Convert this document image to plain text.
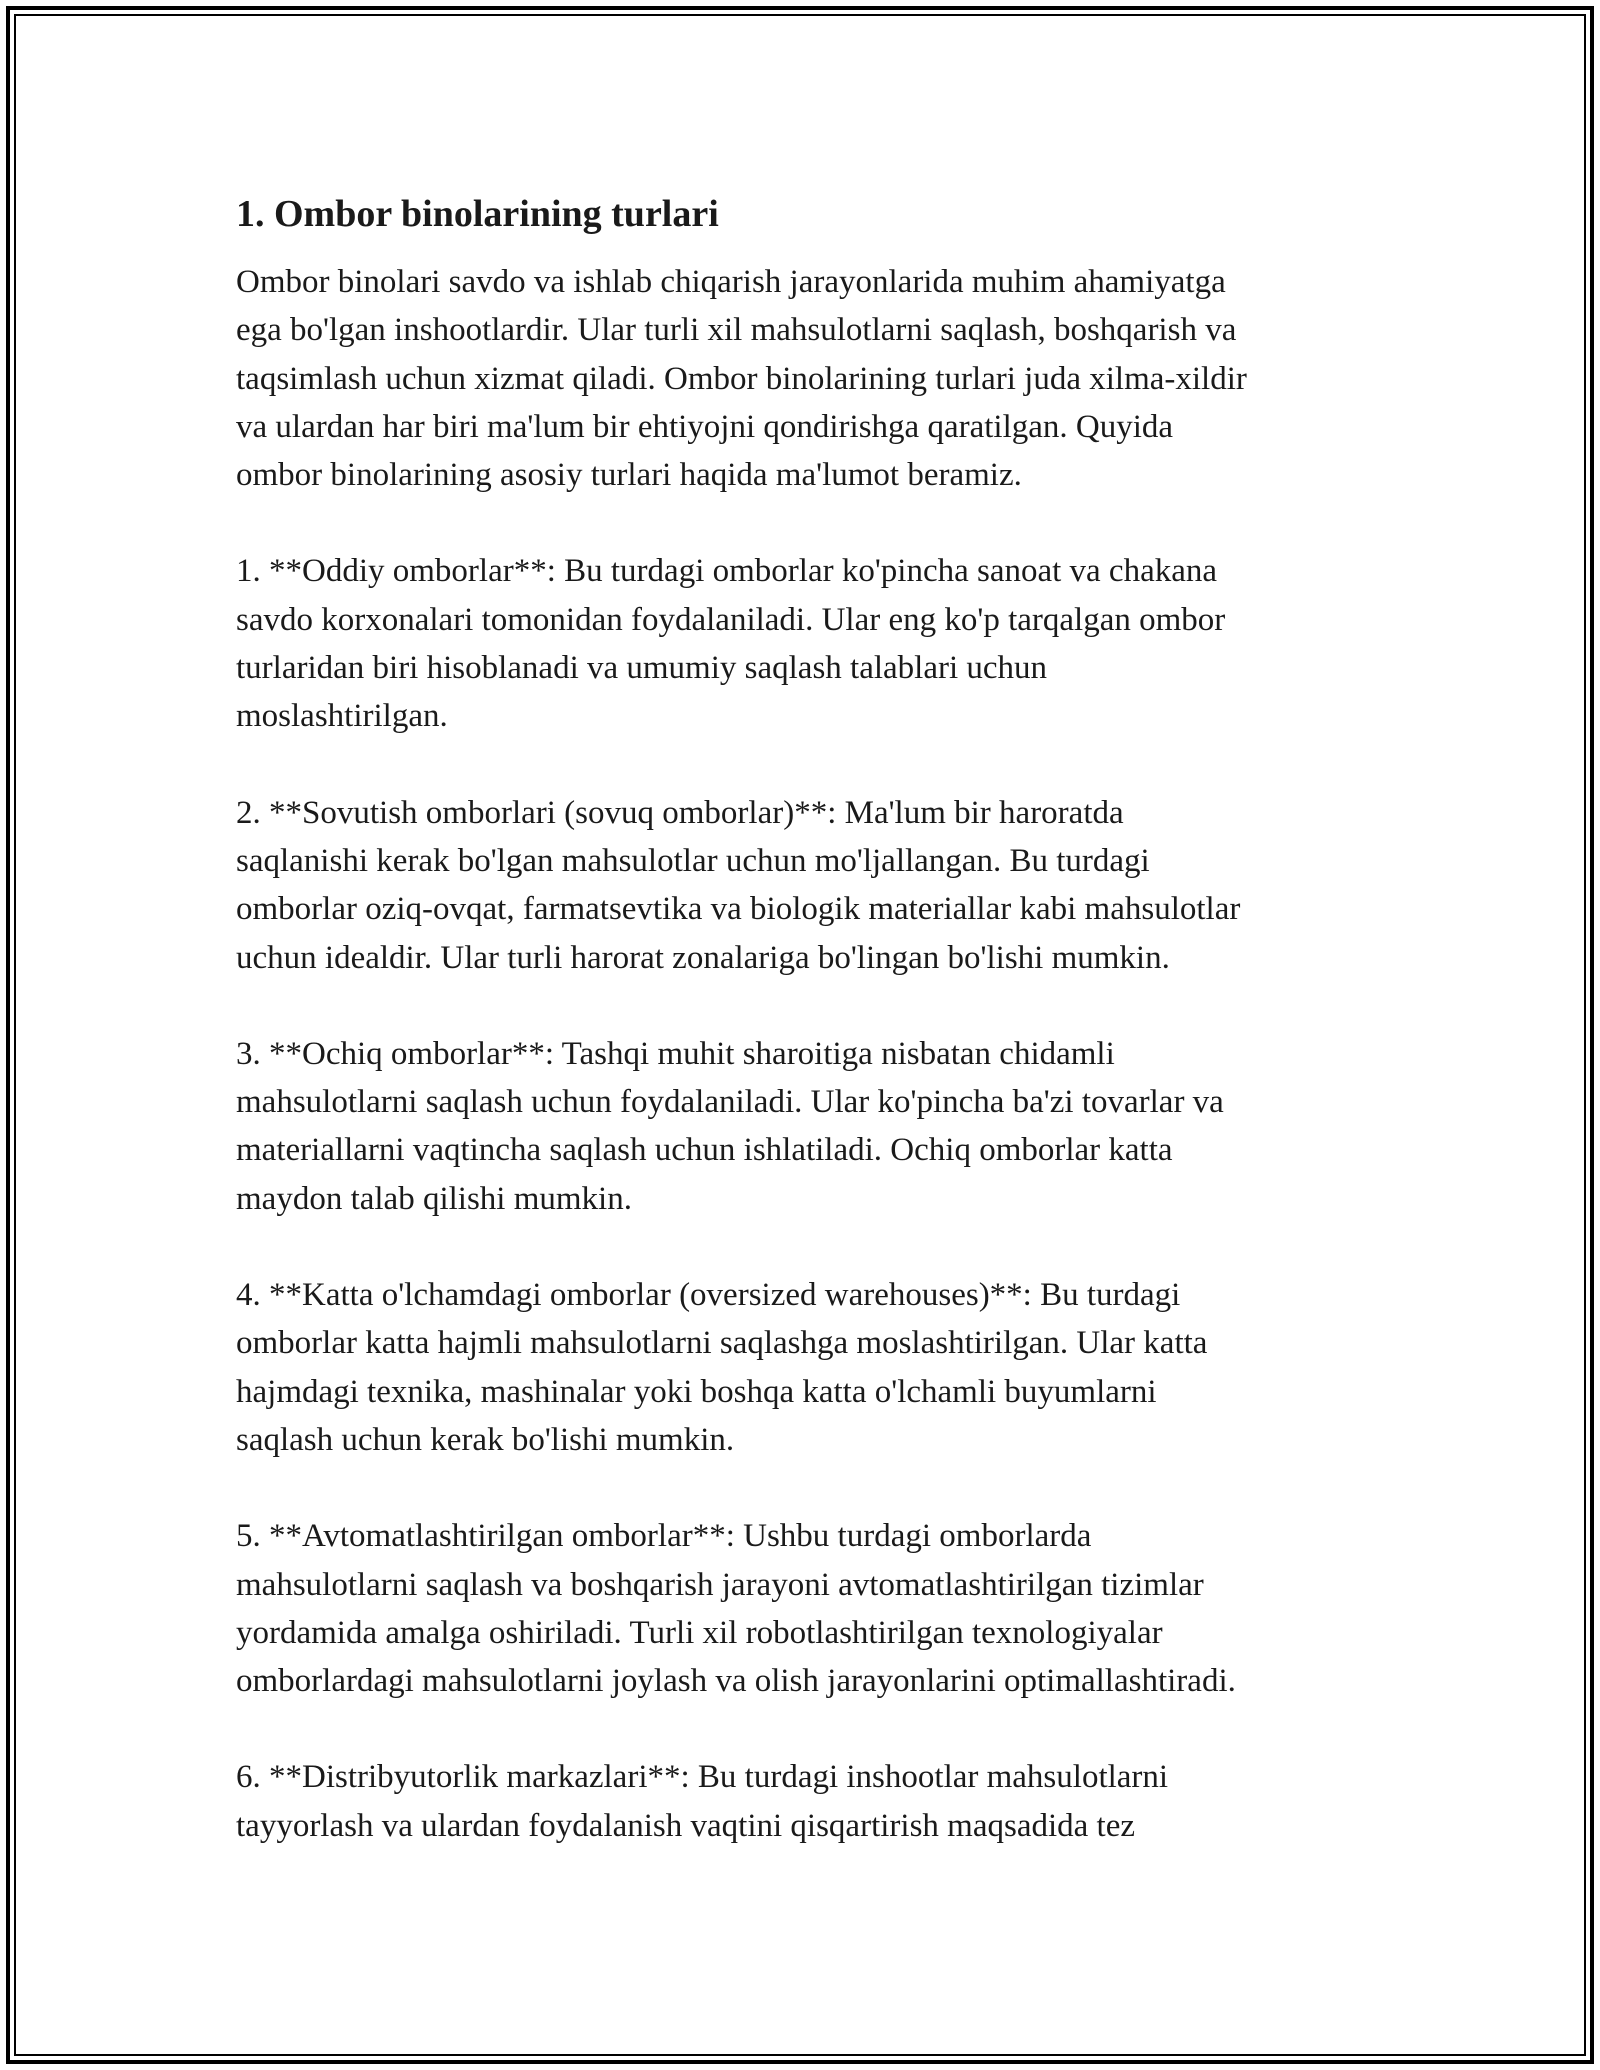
1. Ombor binolarining turlari

Ombor binolari savdo va ishlab chiqarish jarayonlarida muhim ahamiyatga
ega bo'lgan inshootlardir. Ular turli xil mahsulotlarni saqlash, boshqarish va
taqsimlash uchun xizmat qiladi. Ombor binolarining turlari juda xilma-xildir
va ulardan har biri ma'lum bir ehtiyojni qondirishga qaratilgan. Quyida
ombor binolarining asosiy turlari haqida ma'lumot beramiz.

1. **Oddiy omborlar**: Bu turdagi omborlar ko'pincha sanoat va chakana
savdo korxonalari tomonidan foydalaniladi. Ular eng ko'p tarqalgan ombor
turlaridan biri hisoblanadi va umumiy saqlash talablari uchun
moslashtirilgan.

2. **Sovutish omborlari (sovuq omborlar)**: Ma'lum bir haroratda
saqlanishi kerak bo'lgan mahsulotlar uchun mo'ljallangan. Bu turdagi
omborlar oziq-ovqat, farmatsevtika va biologik materiallar kabi mahsulotlar
uchun idealdir. Ular turli harorat zonalariga bo'lingan bo'lishi mumkin.

3. **Ochiq omborlar**: Tashqi muhit sharoitiga nisbatan chidamli
mahsulotlarni saqlash uchun foydalaniladi. Ular ko'pincha ba'zi tovarlar va
materiallarni vaqtincha saqlash uchun ishlatiladi. Ochiq omborlar katta
maydon talab qilishi mumkin.

4. **Katta o'lchamdagi omborlar (oversized warehouses)**: Bu turdagi
omborlar katta hajmli mahsulotlarni saqlashga moslashtirilgan. Ular katta
hajmdagi texnika, mashinalar yoki boshqa katta o'lchamli buyumlarni
saqlash uchun kerak bo'lishi mumkin.

5. **Avtomatlashtirilgan omborlar**: Ushbu turdagi omborlarda
mahsulotlarni saqlash va boshqarish jarayoni avtomatlashtirilgan tizimlar
yordamida amalga oshiriladi. Turli xil robotlashtirilgan texnologiyalar
omborlardagi mahsulotlarni joylash va olish jarayonlarini optimallashtiradi.

6. **Distribyutorlik markazlari**: Bu turdagi inshootlar mahsulotlarni
tayyorlash va ulardan foydalanish vaqtini qisqartirish maqsadida tez
